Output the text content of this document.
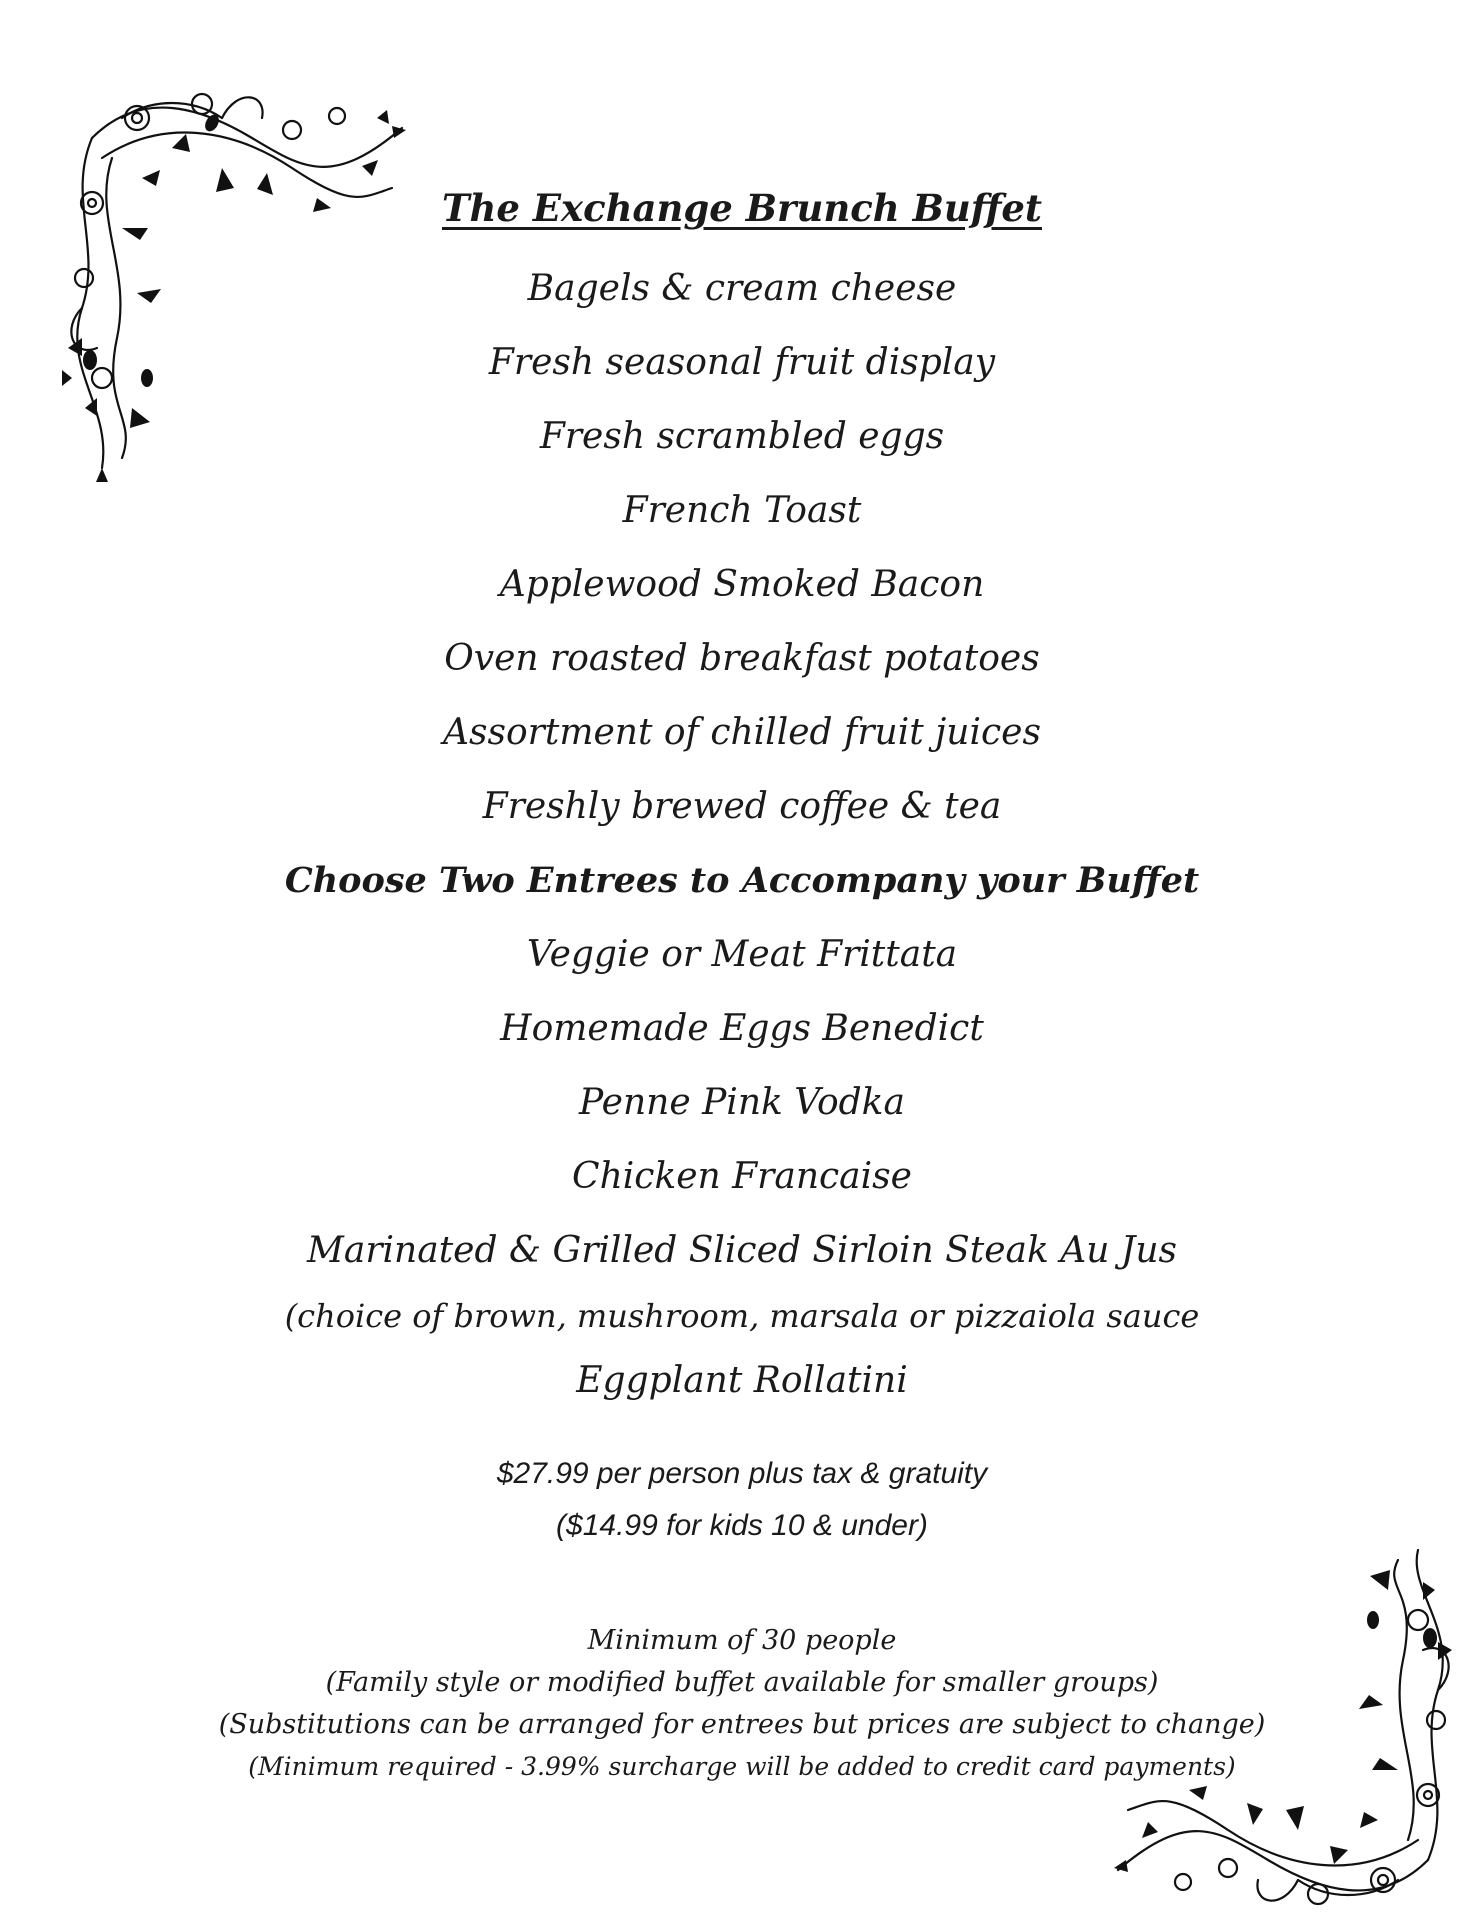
The Exchange Brunch Buffet
Bagels & cream cheese
Fresh seasonal fruit display
Fresh scrambled eggs
French Toast
Applewood Smoked Bacon
Oven roasted breakfast potatoes
Assortment of chilled fruit juices
Freshly brewed coffee & tea
Choose Two Entrees to Accompany your Buffet
Veggie or Meat Frittata
Homemade Eggs Benedict
Penne Pink Vodka
Chicken Francaise
Marinated & Grilled Sliced Sirloin Steak Au Jus
(choice of brown, mushroom, marsala or pizzaiola sauce
Eggplant Rollatini
$27.99 per person plus tax & gratuity
($14.99 for kids 10 & under)
Minimum of 30 people
(Family style or modified buffet available for smaller groups)
(Substitutions can be arranged for entrees but prices are subject to change)
(Minimum required - 3.99% surcharge will be added to credit card payments)
